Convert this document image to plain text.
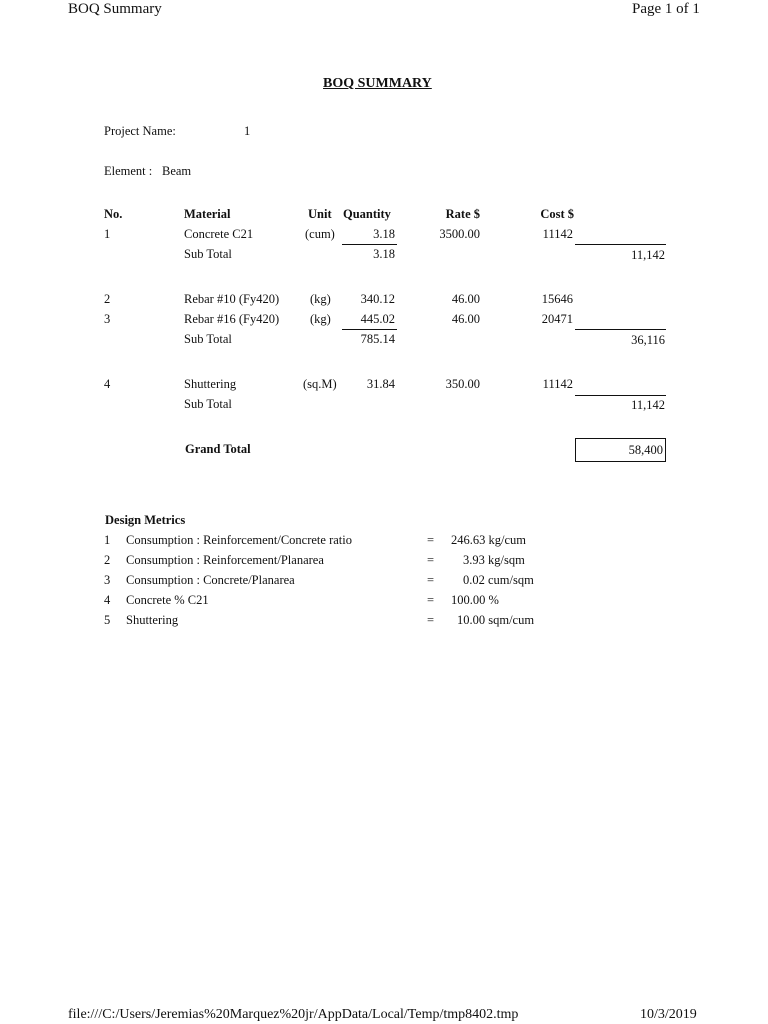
BOQ Summary	Page 1 of 1
BOQ SUMMARY
Project Name:	1
Element : Beam
No.	Material	Unit Quantity	Rate $	Cost $
1	Concrete C21	(cum)	3.18	3500.00	11142
Sub Total	3.18	11,142
2	Rebar #10 (Fy420) (kg)	340.12	46.00	15646
3	Rebar #16 (Fy420) (kg)	445.02	46.00	20471
Sub Total	785.14	36,116
4	Shuttering	(sq.M)	31.84	350.00	11142
Sub Total	11,142
Grand Total	58,400
Design Metrics
1 Consumption : Reinforcement/Concrete ratio	= 246.63 kg/cum
2 Consumption : Reinforcement/Planarea	= 3.93 kg/sqm
3 Consumption : Concrete/Planarea	= 0.02 cum/sqm
4 Concrete % C21	= 100.00 %
5 Shuttering	= 10.00 sqm/cum
file:///C:/Users/Jeremias%20Marquez%20jr/AppData/Local/Temp/tmp8402.tmp	10/3/2019
